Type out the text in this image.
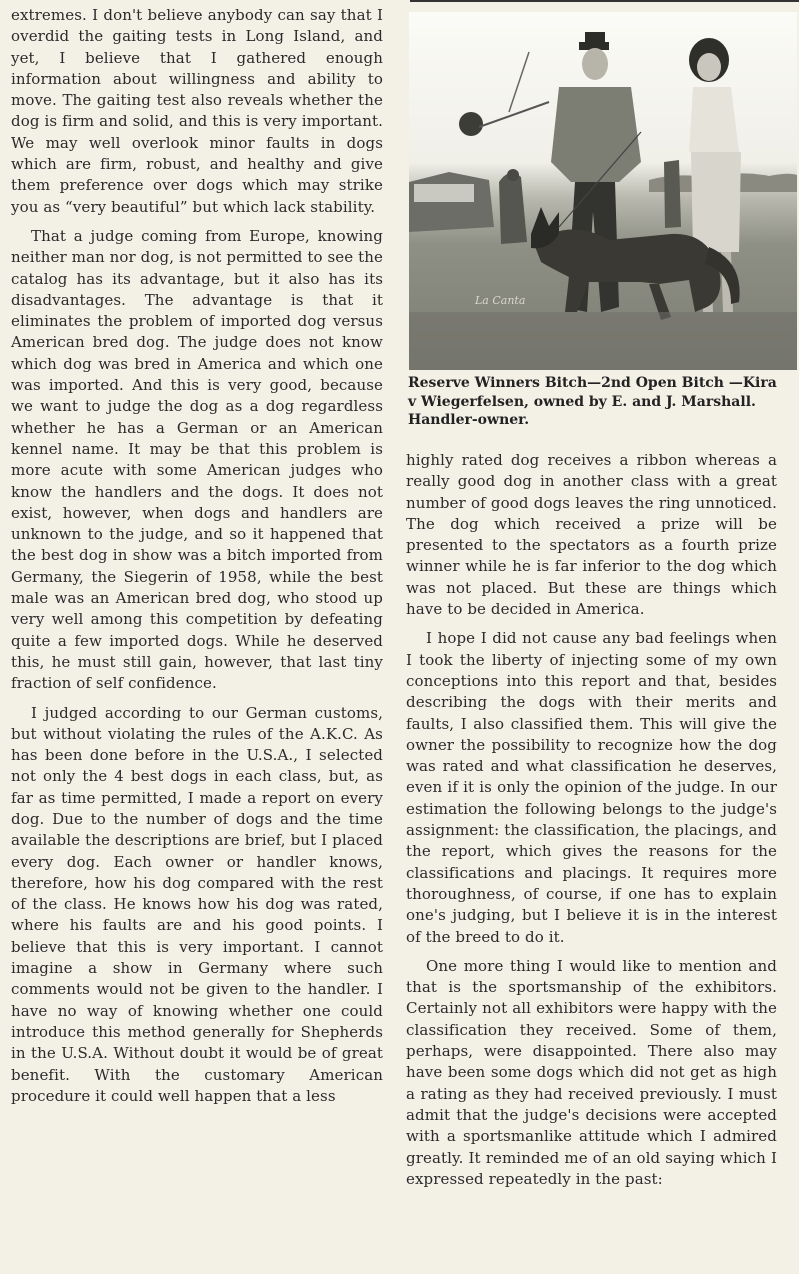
extremes. I don't believe anybody can say that I overdid the gaiting tests in Long Island, and yet, I believe that I gathered enough information about willingness and ability to move. The gaiting test also reveals whether the dog is firm and solid, and this is very important. We may well overlook minor faults in dogs which are firm, robust, and healthy and give them preference over dogs which may strike you as “very beautiful” but which lack stability.

That a judge coming from Europe, knowing neither man nor dog, is not permitted to see the catalog has its advantage, but it also has its disadvantages. The advantage is that it eliminates the problem of imported dog versus American bred dog. The judge does not know which dog was bred in America and which one was imported. And this is very good, because we want to judge the dog as a dog regardless whether he has a German or an American kennel name. It may be that this problem is more acute with some American judges who know the handlers and the dogs. It does not exist, however, when dogs and handlers are unknown to the judge, and so it happened that the best dog in show was a bitch imported from Germany, the Siegerin of 1958, while the best male was an American bred dog, who stood up very well among this competition by defeating quite a few imported dogs. While he deserved this, he must still gain, however, that last tiny fraction of self confidence.

I judged according to our German customs, but without violating the rules of the A.K.C. As has been done before in the U.S.A., I selected not only the 4 best dogs in each class, but, as far as time permitted, I made a report on every dog. Due to the number of dogs and the time available the descriptions are brief, but I placed every dog. Each owner or handler knows, therefore, how his dog compared with the rest of the class. He knows how his dog was rated, where his faults are and his good points. I believe that this is very important. I cannot imagine a show in Germany where such comments would not be given to the handler. I have no way of knowing whether one could introduce this method generally for Shepherds in the U.S.A. Without doubt it would be of great benefit. With the customary American procedure it could well happen that a less

La Canta
Reserve Winners Bitch—2nd Open Bitch —Kira v Wiegerfelsen, owned by E. and J. Marshall. Handler-owner.

highly rated dog receives a ribbon whereas a really good dog in another class with a great number of good dogs leaves the ring unnoticed. The dog which received a prize will be presented to the spectators as a fourth prize winner while he is far inferior to the dog which was not placed. But these are things which have to be decided in America.

I hope I did not cause any bad feelings when I took the liberty of injecting some of my own conceptions into this report and that, besides describing the dogs with their merits and faults, I also classified them. This will give the owner the possibility to recognize how the dog was rated and what classification he deserves, even if it is only the opinion of the judge. In our estimation the following belongs to the judge's assignment: the classification, the placings, and the report, which gives the reasons for the classifications and placings. It requires more thoroughness, of course, if one has to explain one's judging, but I believe it is in the interest of the breed to do it.

One more thing I would like to mention and that is the sportsmanship of the exhibitors. Certainly not all exhibitors were happy with the classification they received. Some of them, perhaps, were disappointed. There also may have been some dogs which did not get as high a rating as they had received previously. I must admit that the judge's decisions were accepted with a sportsmanlike attitude which I admired greatly. It reminded me of an old saying which I expressed repeatedly in the past:
